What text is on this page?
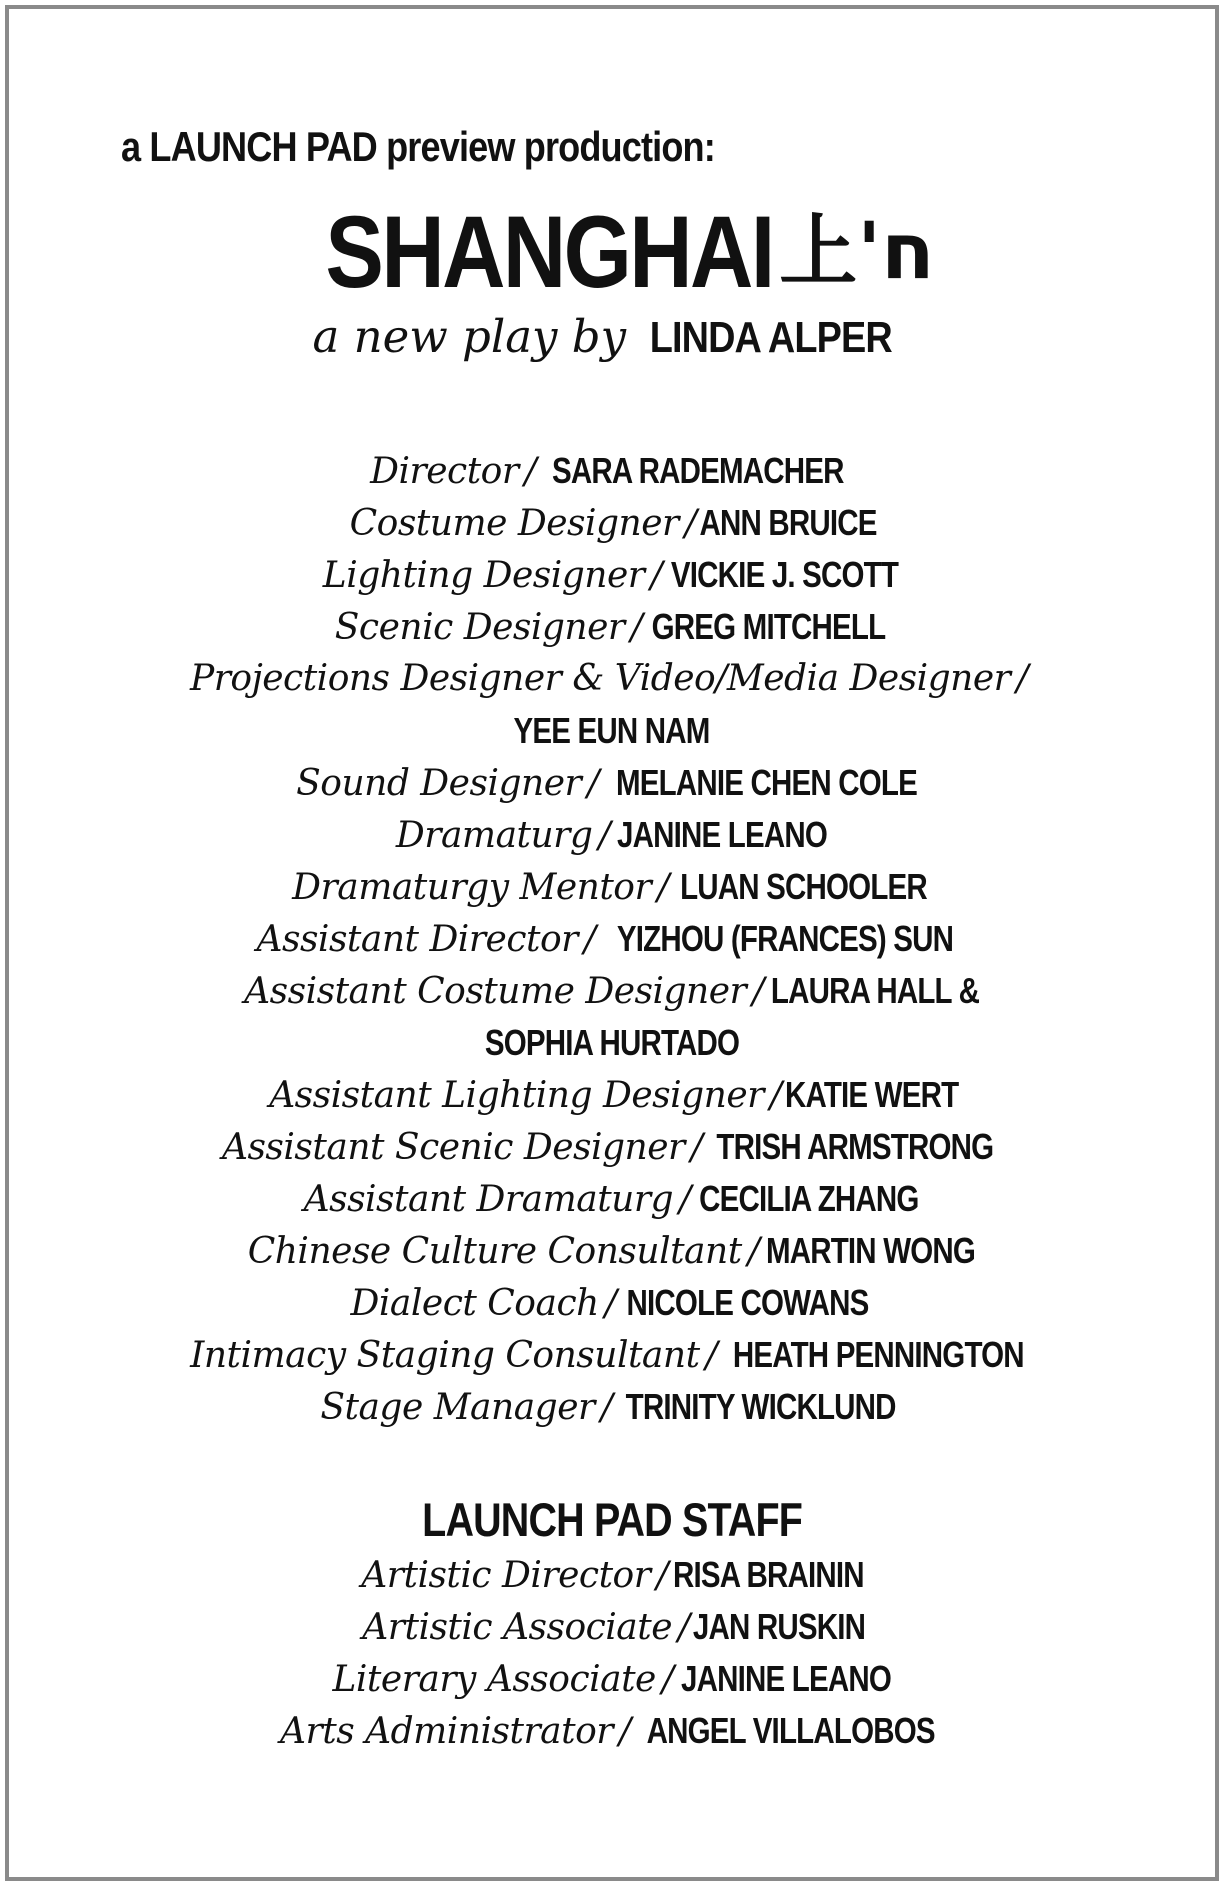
a LAUNCH PAD preview production:
SHANGHAI上'ח
a new play by LINDA ALPER
Director / SARA RADEMACHER
Costume Designer /ANN BRUICE
Lighting Designer / VICKIE J. SCOTT
Scenic Designer / GREG MITCHELL
Projections Designer & Video/Media Designer /
YEE EUN NAM
Sound Designer / MELANIE CHEN COLE
Dramaturg / JANINE LEANO
Dramaturgy Mentor / LUAN SCHOOLER
Assistant Director / YIZHOU (FRANCES) SUN
Assistant Costume Designer / LAURA HALL &
SOPHIA HURTADO
Assistant Lighting Designer /KATIE WERT
Assistant Scenic Designer / TRISH ARMSTRONG
Assistant Dramaturg / CECILIA ZHANG
Chinese Culture Consultant / MARTIN WONG
Dialect Coach / NICOLE COWANS
Intimacy Staging Consultant / HEATH PENNINGTON
Stage Manager / TRINITY WICKLUND
LAUNCH PAD STAFF
Artistic Director / RISA BRAININ
Artistic Associate /JAN RUSKIN
Literary Associate / JANINE LEANO
Arts Administrator / ANGEL VILLALOBOS
